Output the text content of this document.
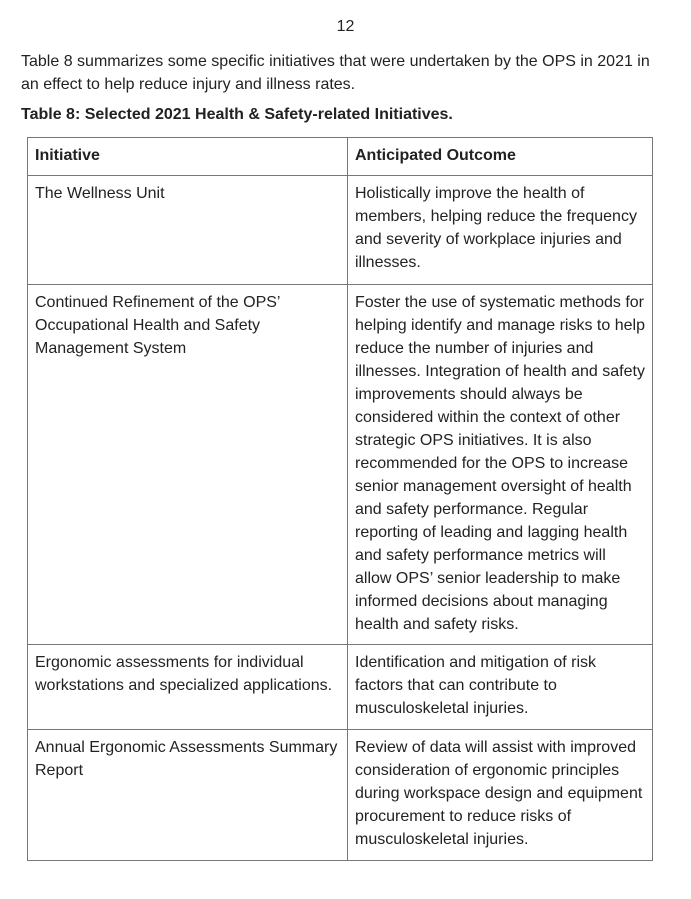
12

Table 8 summarizes some specific initiatives that were undertaken by the OPS in 2021 in an effect to help reduce injury and illness rates.

Table 8: Selected 2021 Health & Safety-related Initiatives.

Initiative	Anticipated Outcome
The Wellness Unit	Holistically improve the health of members, helping reduce the frequency and severity of workplace injuries and illnesses.
Continued Refinement of the OPS’ Occupational Health and Safety Management System	Foster the use of systematic methods for helping identify and manage risks to help reduce the number of injuries and illnesses. Integration of health and safety improvements should always be considered within the context of other strategic OPS initiatives. It is also recommended for the OPS to increase senior management oversight of health and safety performance. Regular reporting of leading and lagging health and safety performance metrics will allow OPS’ senior leadership to make informed decisions about managing health and safety risks.
Ergonomic assessments for individual workstations and specialized applications.	Identification and mitigation of risk factors that can contribute to musculoskeletal injuries.
Annual Ergonomic Assessments Summary Report	Review of data will assist with improved consideration of ergonomic principles during workspace design and equipment procurement to reduce risks of musculoskeletal injuries.
